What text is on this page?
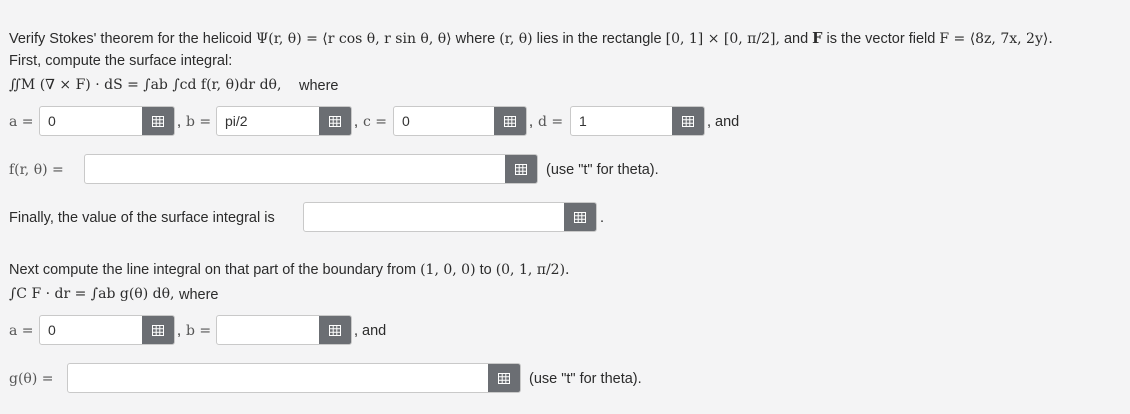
Verify Stokes' theorem for the helicoid Ψ(r, θ) = ⟨r cos θ, r sin θ, θ⟩ where (r, θ) lies in the rectangle [0, 1] × [0, π/2], and F is the vector field F = ⟨8z, 7x, 2y⟩.
First, compute the surface integral:
∬M (∇ × F) · dS = ∫ab ∫cd f(r, θ)dr dθ, where
a =	0	, b = pi/2	, c =	0	, d =	1	, and
f(r, θ) =	(use "t" for theta).
Finally, the value of the surface integral is	.
Next compute the line integral on that part of the boundary from (1, 0, 0) to (0, 1, π/2).
∫C F · dr = ∫ab g(θ) dθ, where
a =	0	, b =	, and
g(θ) =	(use "t" for theta).
